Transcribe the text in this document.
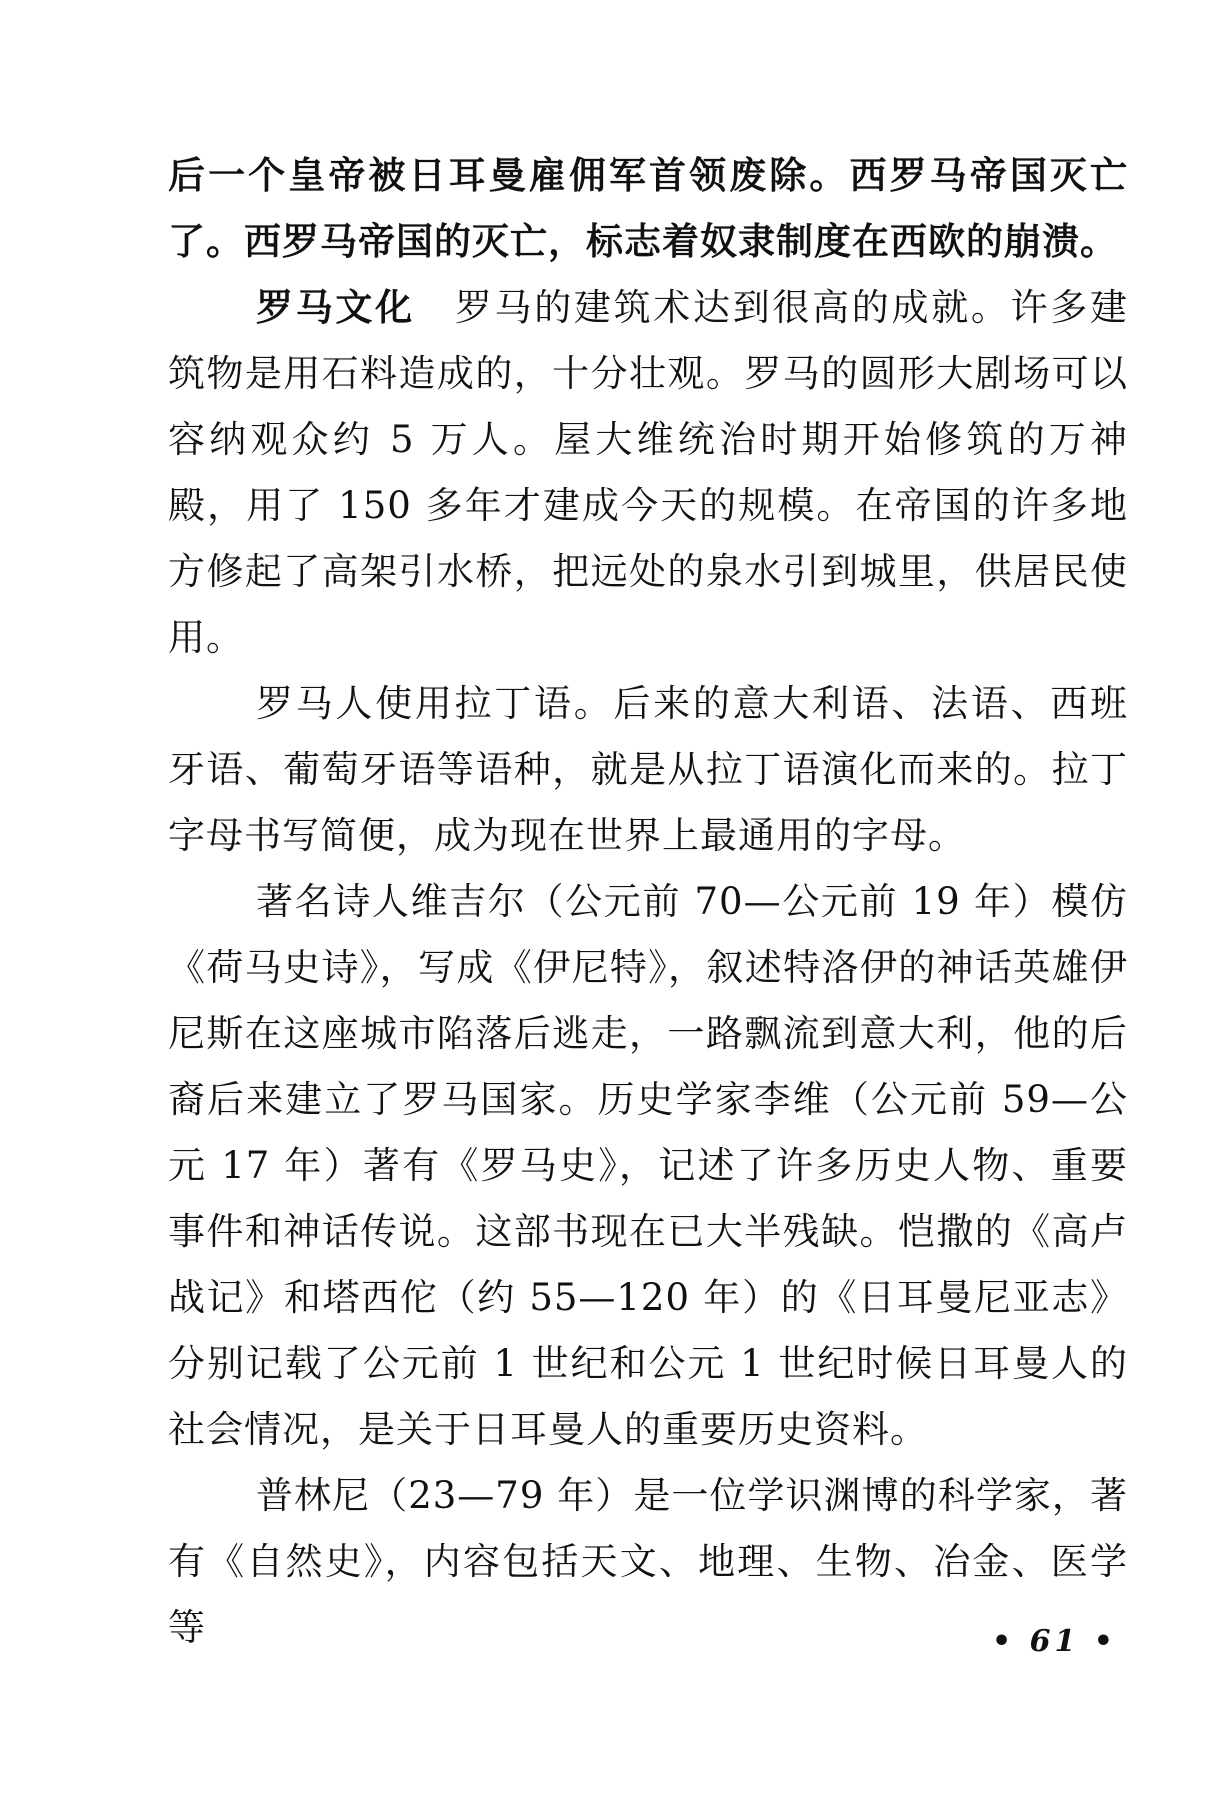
后一个皇帝被日耳曼雇佣军首领废除。西罗马帝国灭亡了。西罗马帝国的灭亡，标志着奴隶制度在西欧的崩溃。

罗马文化 罗马的建筑术达到很高的成就。许多建筑物是用石料造成的，十分壮观。罗马的圆形大剧场可以容纳观众约 5 万人。屋大维统治时期开始修筑的万神殿，用了 150 多年才建成今天的规模。在帝国的许多地方修起了高架引水桥，把远处的泉水引到城里，供居民使用。

罗马人使用拉丁语。后来的意大利语、法语、西班牙语、葡萄牙语等语种，就是从拉丁语演化而来的。拉丁字母书写简便，成为现在世界上最通用的字母。

著名诗人维吉尔（公元前 70—公元前 19 年）模仿《荷马史诗》，写成《伊尼特》，叙述特洛伊的神话英雄伊尼斯在这座城市陷落后逃走，一路飘流到意大利，他的后裔后来建立了罗马国家。历史学家李维（公元前 59—公元 17 年）著有《罗马史》，记述了许多历史人物、重要事件和神话传说。这部书现在已大半残缺。恺撒的《高卢战记》和塔西佗（约 55—120 年）的《日耳曼尼亚志》分别记载了公元前 1 世纪和公元 1 世纪时候日耳曼人的社会情况，是关于日耳曼人的重要历史资料。

普林尼（23—79 年）是一位学识渊博的科学家，著有《自然史》，内容包括天文、地理、生物、冶金、医学等	• 61 •
